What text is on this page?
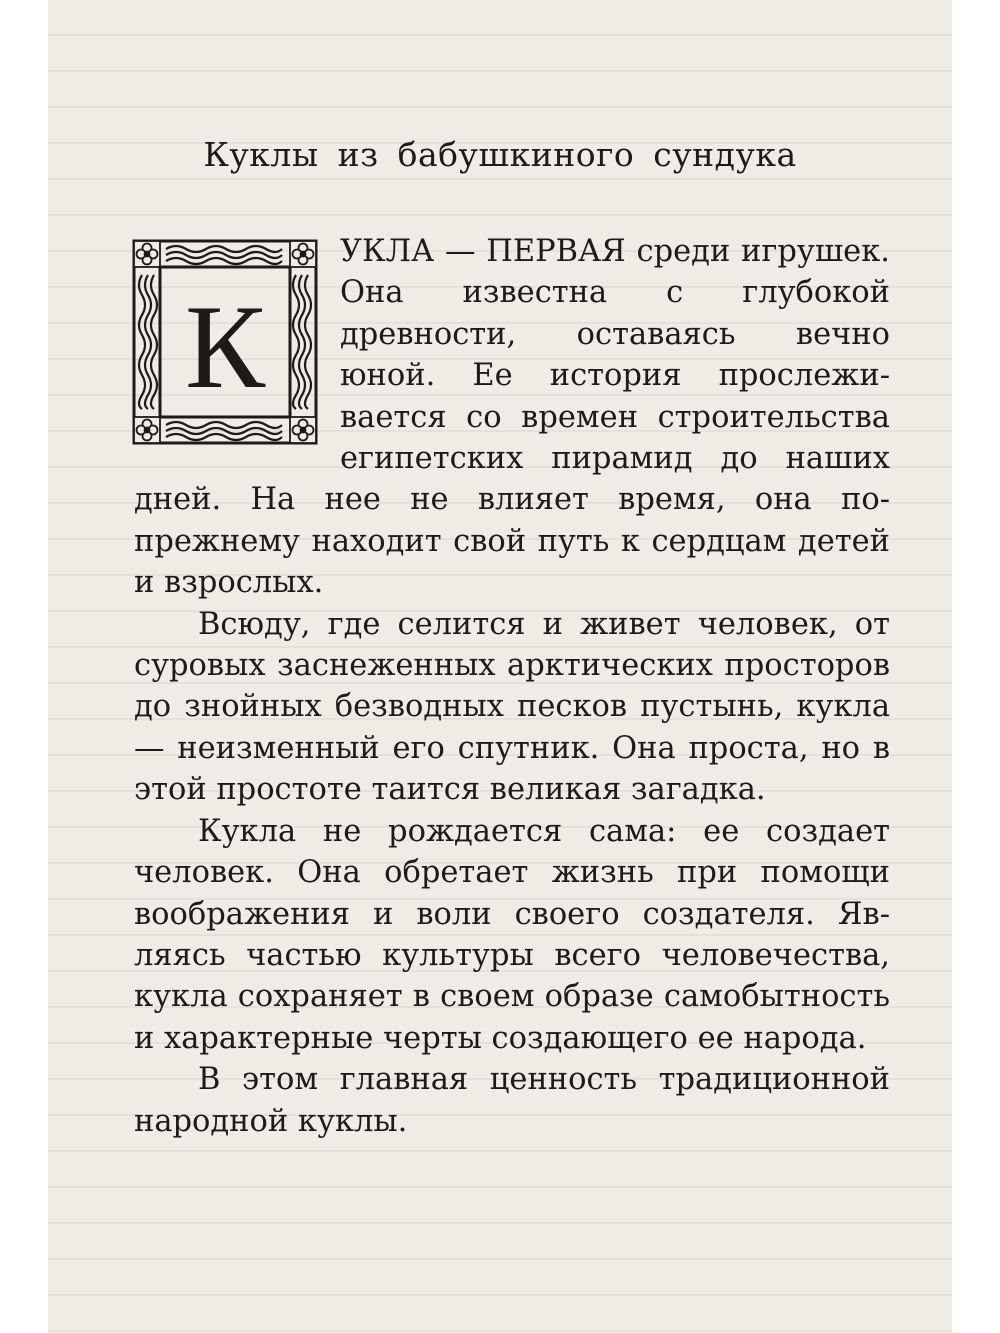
Куклы из бабушкиного сундука

К
УКЛА — ПЕРВАЯ среди игрушек. Она известна с глубокой древности, оставаясь вечно юной. Ее история прослеживается со времен строительства египетских пирамид до наших дней. На нее не влияет время, она по-прежнему находит свой путь к сердцам детей и взрослых.

Всюду, где селится и живет человек, от суровых заснеженных арктических просторов до знойных безводных песков пустынь, кукла — неизменный его спутник. Она проста, но в этой простоте таится великая загадка.

Кукла не рождается сама: ее создает человек. Она обретает жизнь при помощи воображения и воли своего создателя. Являясь частью культуры всего человечества, кукла сохраняет в своем образе самобытность и характерные черты создающего ее народа.

В этом главная ценность традиционной народной куклы.
